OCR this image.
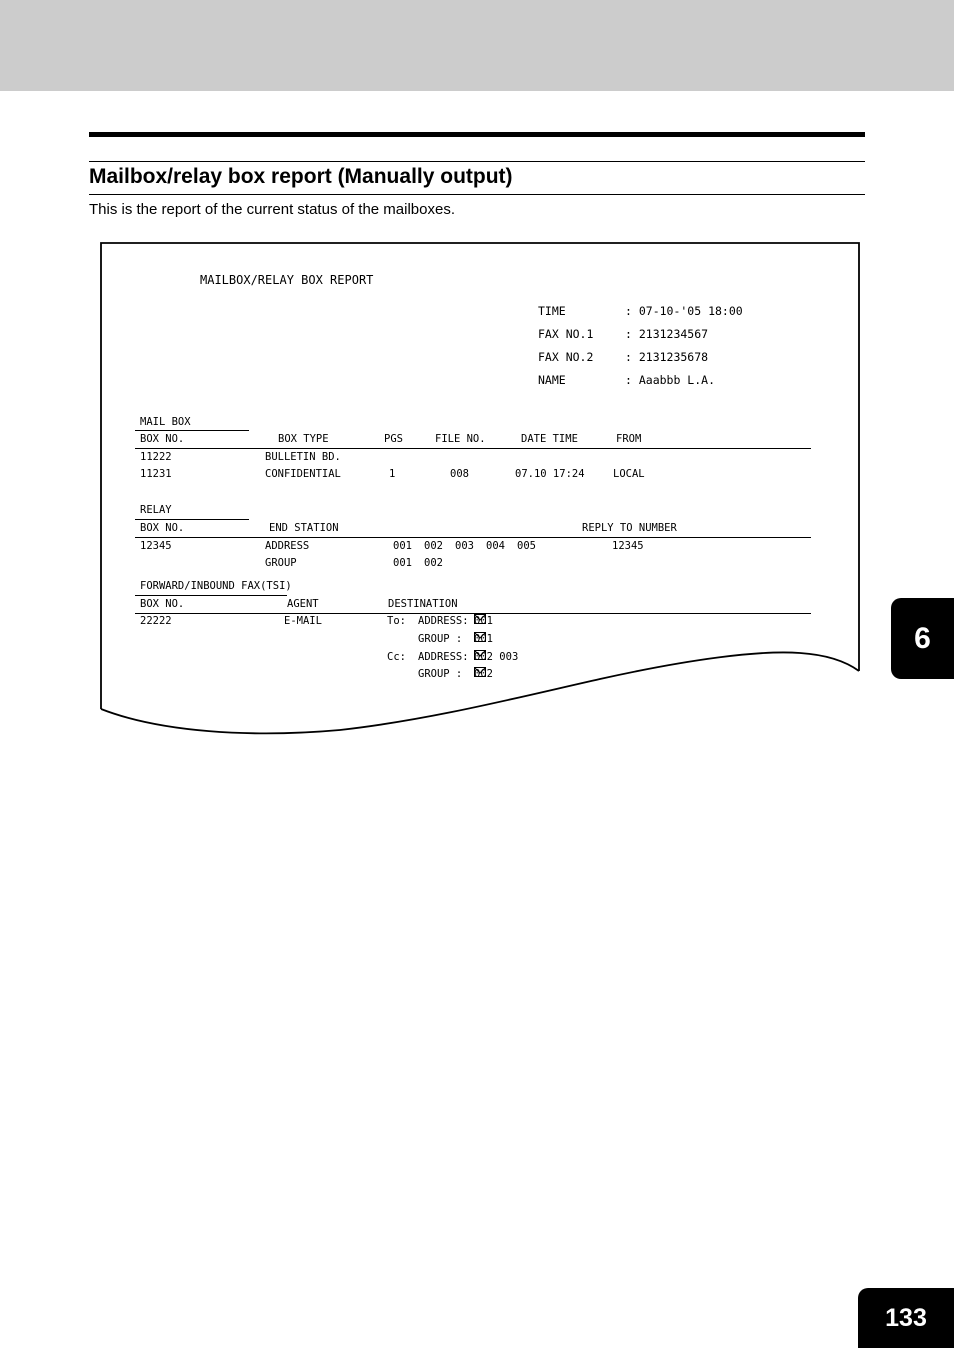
Mailbox/relay box report (Manually output)
This is the report of the current status of the mailboxes.
MAILBOX/RELAY BOX REPORT
TIME	: 07-10-'05 18:00
FAX NO.1	: 2131234567
FAX NO.2	: 2131235678
NAME	: Aaabbb L.A.
MAIL BOX
BOX NO.	BOX TYPE	PGS	FILE NO.	DATE TIME	FROM
11222	BULLETIN BD.
11231	CONFIDENTIAL	1	008	07.10 17:24	LOCAL
RELAY
BOX NO.	END STATION	REPLY TO NUMBER
12345	ADDRESS	001 002 003 004 005	12345
GROUP	001 002
FORWARD/INBOUND FAX(TSI)
BOX NO.	AGENT	DESTINATION
22222	E-MAIL	To: ADDRESS: 001
GROUP : 001
Cc: ADDRESS: 002 003
GROUP : 002
6
133
